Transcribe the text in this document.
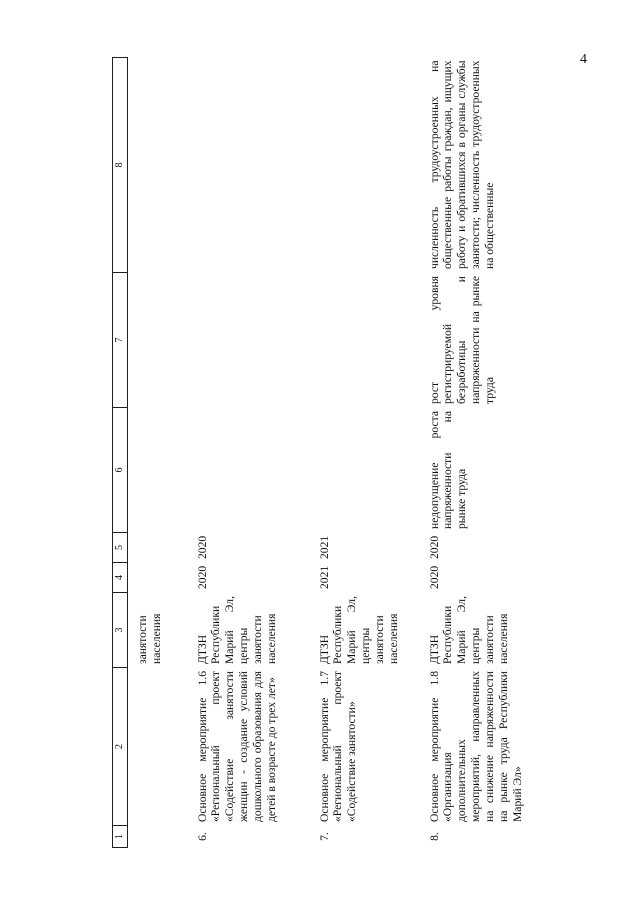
4
1	2	3	4	5	6	7	8
		занятости населения					
6.	Основное мероприятие 1.6 «Региональный проект «Содействие занятости женщин - создание условий дошкольного образования для детей в возрасте до трех лет»	ДТЗН Республики Марий Эл, центры занятости населения	2020	2020			
7.	Основное мероприятие 1.7 «Региональный проект «Содействие занятости»	ДТЗН Республики Марий Эл, центры занятости населения	2021	2021			
8.	Основное мероприятие 1.8 «Организация дополнительных мероприятий, направленных на снижение напряженности на рынке труда Республики Марий Эл»	ДТЗН Республики Марий Эл, центры занятости населения	2020	2020	недопущение роста напряженности на рынке труда	рост уровня регистрируемой безработицы и напряженности на рынке труда	численность трудоустроенных на общественные работы граждан, ищущих работу и обратившихся в органы службы занятости; численность трудоустроенных на общественные
